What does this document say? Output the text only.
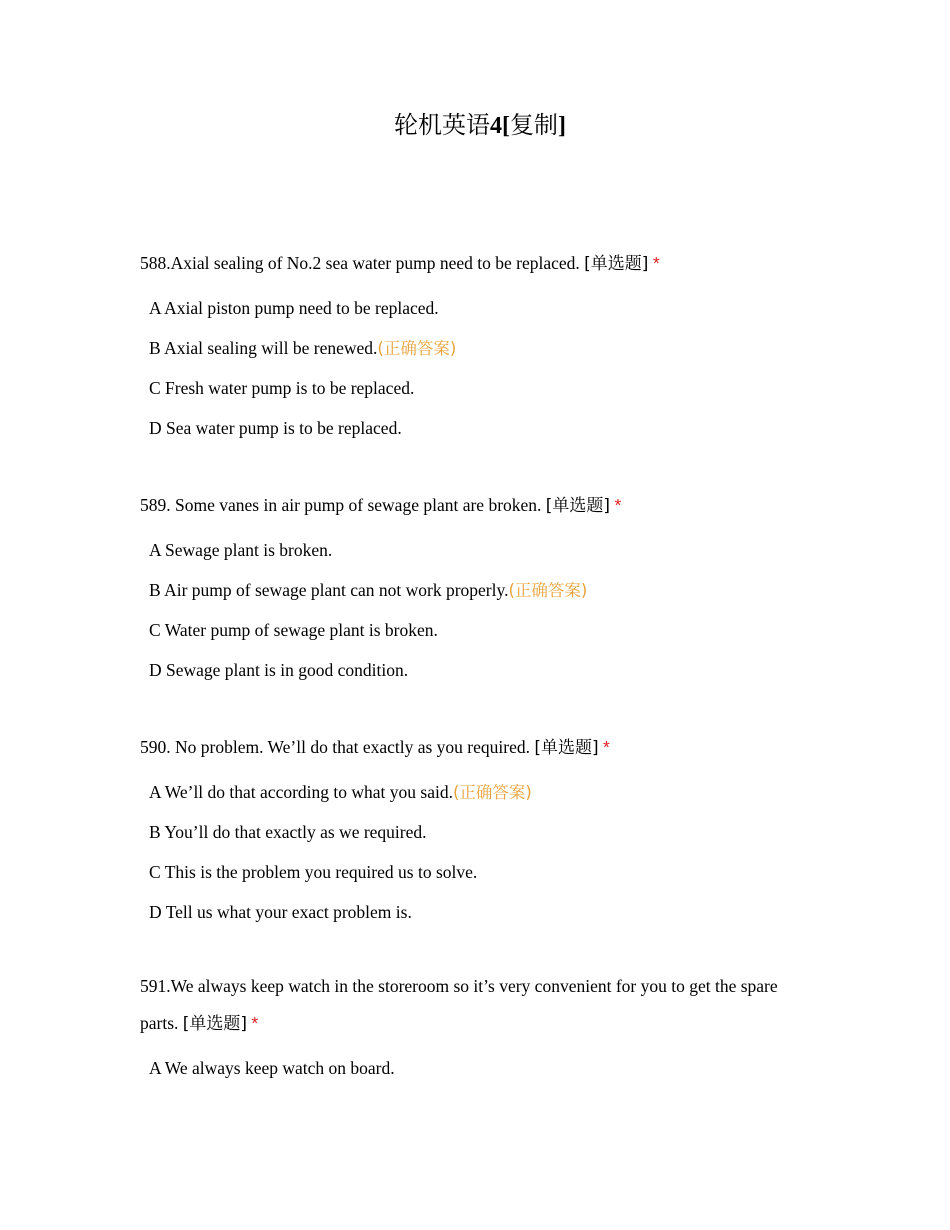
轮机英语4[复制]

588.Axial sealing of No.2 sea water pump need to be replaced. [单选题] *

A Axial piston pump need to be replaced.
B Axial sealing will be renewed.(正确答案)
C Fresh water pump is to be replaced.
D Sea water pump is to be replaced.

589. Some vanes in air pump of sewage plant are broken. [单选题] *

A Sewage plant is broken.
B Air pump of sewage plant can not work properly.(正确答案)
C Water pump of sewage plant is broken.
D Sewage plant is in good condition.

590. No problem. We’ll do that exactly as you required. [单选题] *

A We’ll do that according to what you said.(正确答案)
B You’ll do that exactly as we required.
C This is the problem you required us to solve.
D Tell us what your exact problem is.

591.We always keep watch in the storeroom so it’s very convenient for you to get the spare parts. [单选题] *

A We always keep watch on board.
